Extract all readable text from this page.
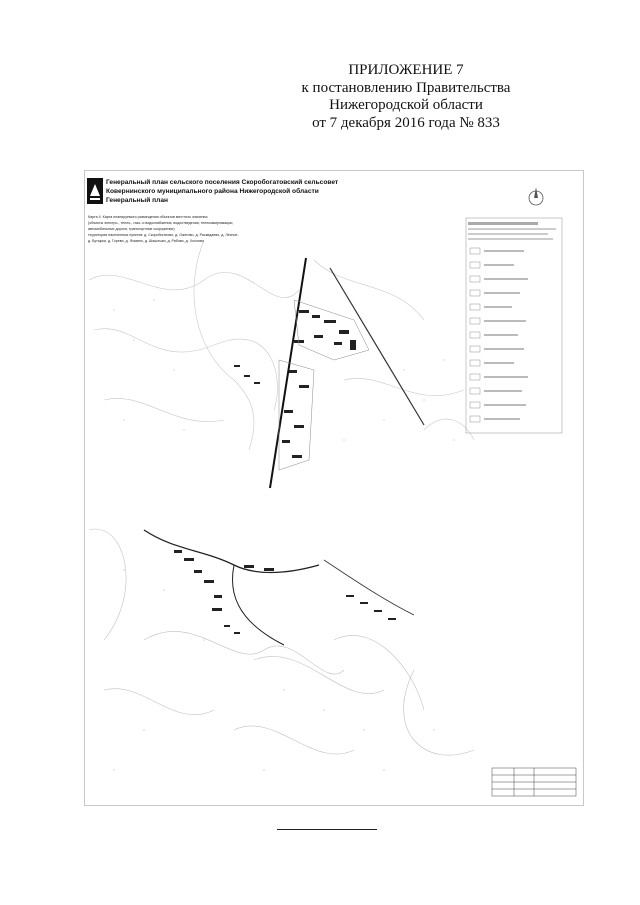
ПРИЛОЖЕНИЕ 7
к постановлению Правительства
Нижегородской области
от 7 декабря 2016 года № 833
Генеральный план сельского поселения Скоробогатовский сельсовет
Ковернинского муниципального района Нижегородской области
Генеральный план
Карта 4. Карта планируемого размещения объектов местного значения
(объекты электро-, тепло-, газо- и водоснабжения, водоотведения, телекоммуникации,
автомобильные дороги, транспортные сооружения)
территории населенных пунктов: д. Скоробогатово, д. Ожегово, д. Раскидаево, д. Лесное,
д. Бутырки, д. Горево, д. Фомино, д. Шашлыки, д. Рябово, д. Хохлово
